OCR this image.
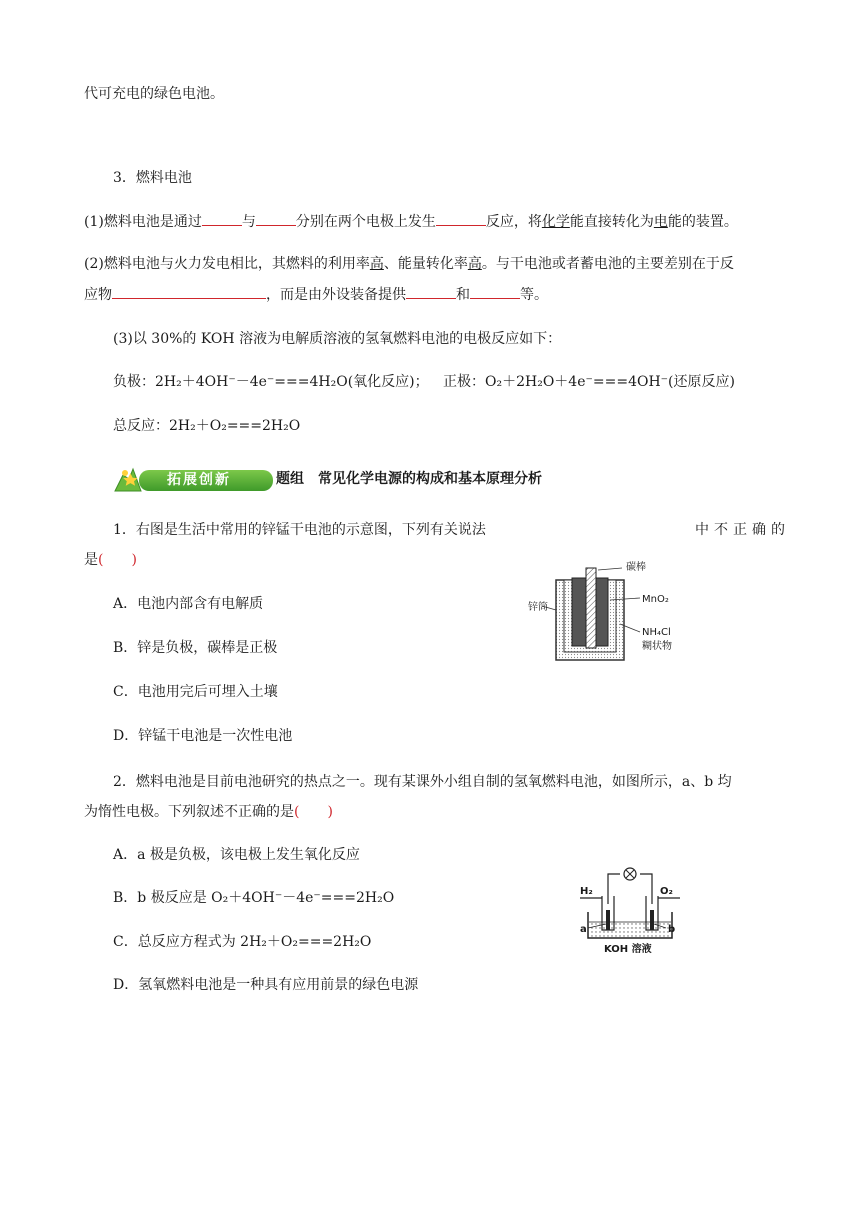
代可充电的绿色电池。
3．燃料电池
(1)燃料电池是通过	与	分别在两个电极上发生	反应，将化学能直接转化为电能的装置。
(2)燃料电池与火力发电相比，其燃料的利用率高、能量转化率高。与干电池或者蓄电池的主要差别在于反
应物	，而是由外设装备提供	和	等。
(3)以 30%的 KOH 溶液为电解质溶液的氢氧燃料电池的电极反应如下：
负极：2H₂＋4OH⁻－4e⁻===4H₂O(氧化反应)； 正极：O₂＋2H₂O＋4e⁻===4OH⁻(还原反应)
总反应：2H₂＋O₂===2H₂O
拓展创新	题组　常见化学电源的构成和基本原理分析
1．右图是生活中常用的锌锰干电池的示意图，下列有关说法	中不正确的
是(　　)
A．电池内部含有电解质
B．锌是负极，碳棒是正极
C．电池用完后可埋入土壤
D．锌锰干电池是一次性电池
碳棒
MnO₂
锌筒
NH₄Cl
糊状物
2．燃料电池是目前电池研究的热点之一。现有某课外小组自制的氢氧燃料电池，如图所示，a、b 均
为惰性电极。下列叙述不正确的是(　　)
A．a 极是负极，该电极上发生氧化反应
B．b 极反应是 O₂＋4OH⁻－4e⁻===2H₂O
C．总反应方程式为 2H₂＋O₂===2H₂O
D．氢氧燃料电池是一种具有应用前景的绿色电源
H₂	O₂
a	b
KOH 溶液
